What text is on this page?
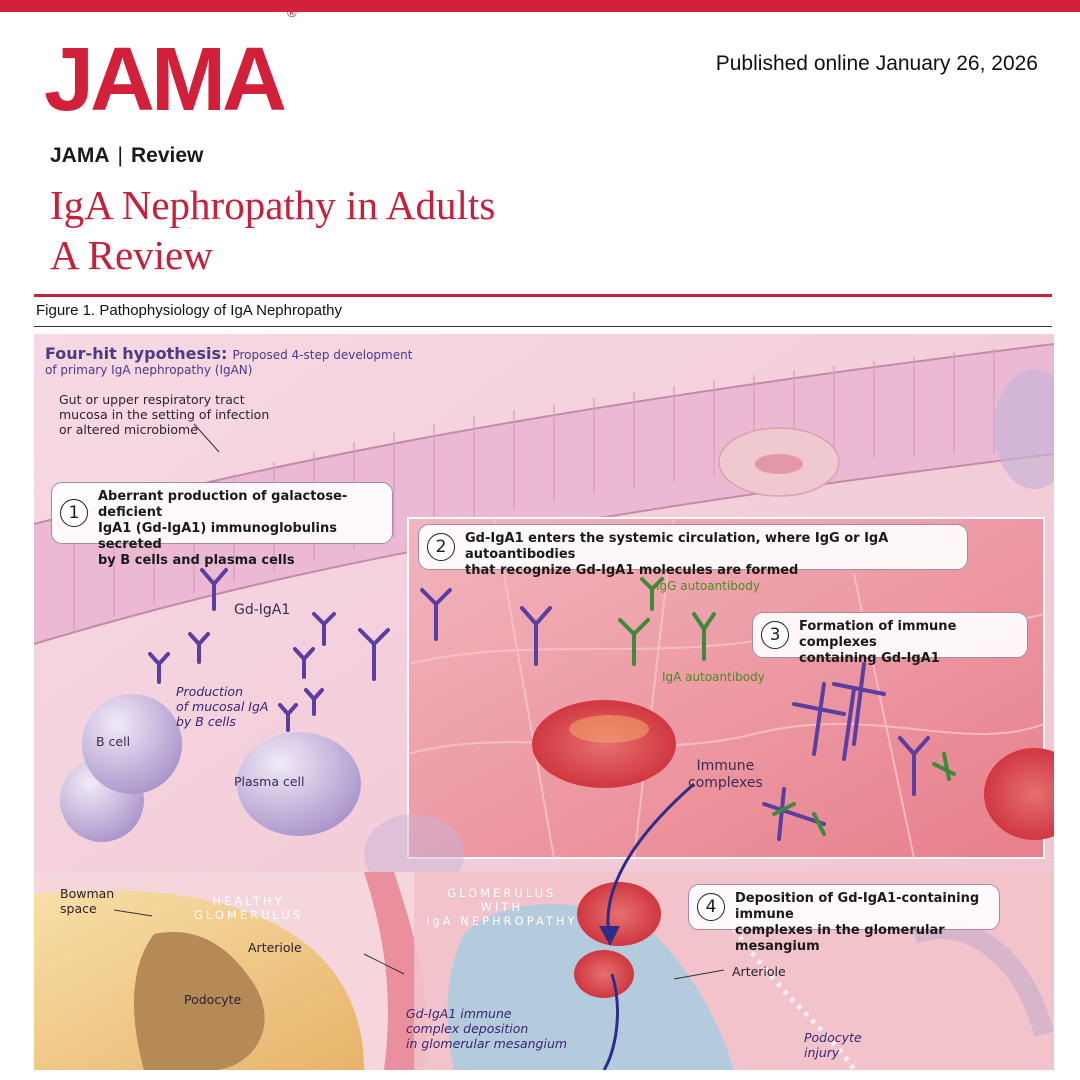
JAMA®
Published online January 26, 2026
JAMA | Review
IgA Nephropathy in Adults
A Review
Figure 1. Pathophysiology of IgA Nephropathy
Four-hit hypothesis: Proposed 4-step development
of primary IgA nephropathy (IgAN)
Gut or upper respiratory tract
mucosa in the setting of infection
or altered microbiome
1
Aberrant production of galactose-deficient
IgA1 (Gd-IgA1) immunoglobulins secreted
by B cells and plasma cells
2	Gd-IgA1 enters the systemic circulation, where IgG or IgA autoantibodies
that recognize Gd-IgA1 molecules are formed
3	Formation of immune complexes
containing Gd-IgA1
4	Deposition of Gd-IgA1-containing immune
complexes in the glomerular mesangium
Gd-IgA1
IgG autoantibody
IgA autoantibody
Production
of mucosal IgA
by B cells
B cell
Plasma cell
Immune
complexes
Bowman
space	HEALTHY
GLOMERULUS
GLOMERULUS
WITH
IgA NEPHROPATHY
Arteriole
Arteriole
Podocyte
Gd-IgA1 immune
complex deposition
in glomerular mesangium	Podocyte
injury
